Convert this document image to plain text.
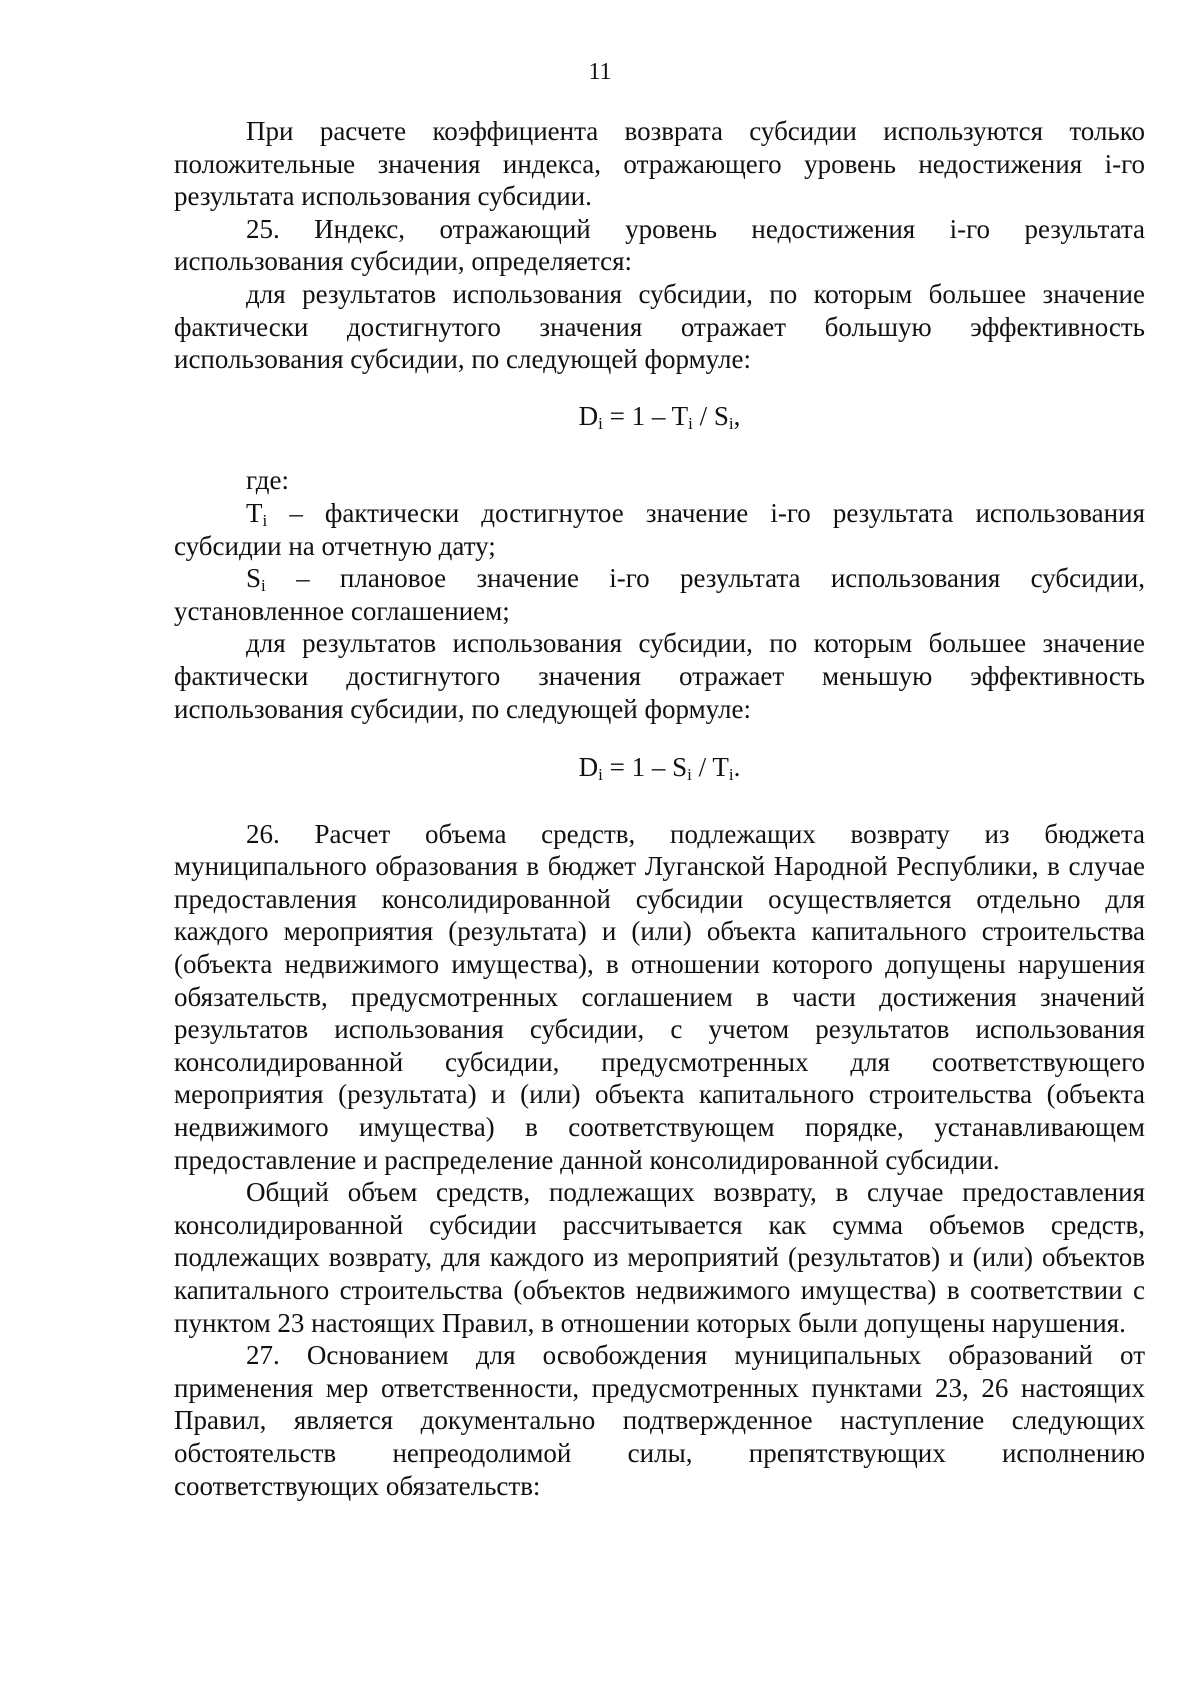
11

При расчете коэффициента возврата субсидии используются только положительные значения индекса, отражающего уровень недостижения i-го результата использования субсидии.

25. Индекс, отражающий уровень недостижения i-го результата использования субсидии, определяется:

для результатов использования субсидии, по которым большее значение фактически достигнутого значения отражает большую эффективность использования субсидии, по следующей формуле:

$D_i = 1 - T_i / S_i$,

где:

$T_i$ – фактически достигнутое значение i-го результата использования субсидии на отчетную дату;

$S_i$ – плановое значение i-го результата использования субсидии, установленное соглашением;

для результатов использования субсидии, по которым большее значение фактически достигнутого значения отражает меньшую эффективность использования субсидии, по следующей формуле:

$D_i = 1 - S_i / T_i$.

26. Расчет объема средств, подлежащих возврату из бюджета муниципального образования в бюджет Луганской Народной Республики, в случае предоставления консолидированной субсидии осуществляется отдельно для каждого мероприятия (результата) и (или) объекта капитального строительства (объекта недвижимого имущества), в отношении которого допущены нарушения обязательств, предусмотренных соглашением в части достижения значений результатов использования субсидии, с учетом результатов использования консолидированной субсидии, предусмотренных для соответствующего мероприятия (результата) и (или) объекта капитального строительства (объекта недвижимого имущества) в соответствующем порядке, устанавливающем предоставление и распределение данной консолидированной субсидии.

Общий объем средств, подлежащих возврату, в случае предоставления консолидированной субсидии рассчитывается как сумма объемов средств, подлежащих возврату, для каждого из мероприятий (результатов) и (или) объектов капитального строительства (объектов недвижимого имущества) в соответствии с пунктом 23 настоящих Правил, в отношении которых были допущены нарушения.

27. Основанием для освобождения муниципальных образований от применения мер ответственности, предусмотренных пунктами 23, 26 настоящих Правил, является документально подтвержденное наступление следующих обстоятельств непреодолимой силы, препятствующих исполнению соответствующих обязательств:
